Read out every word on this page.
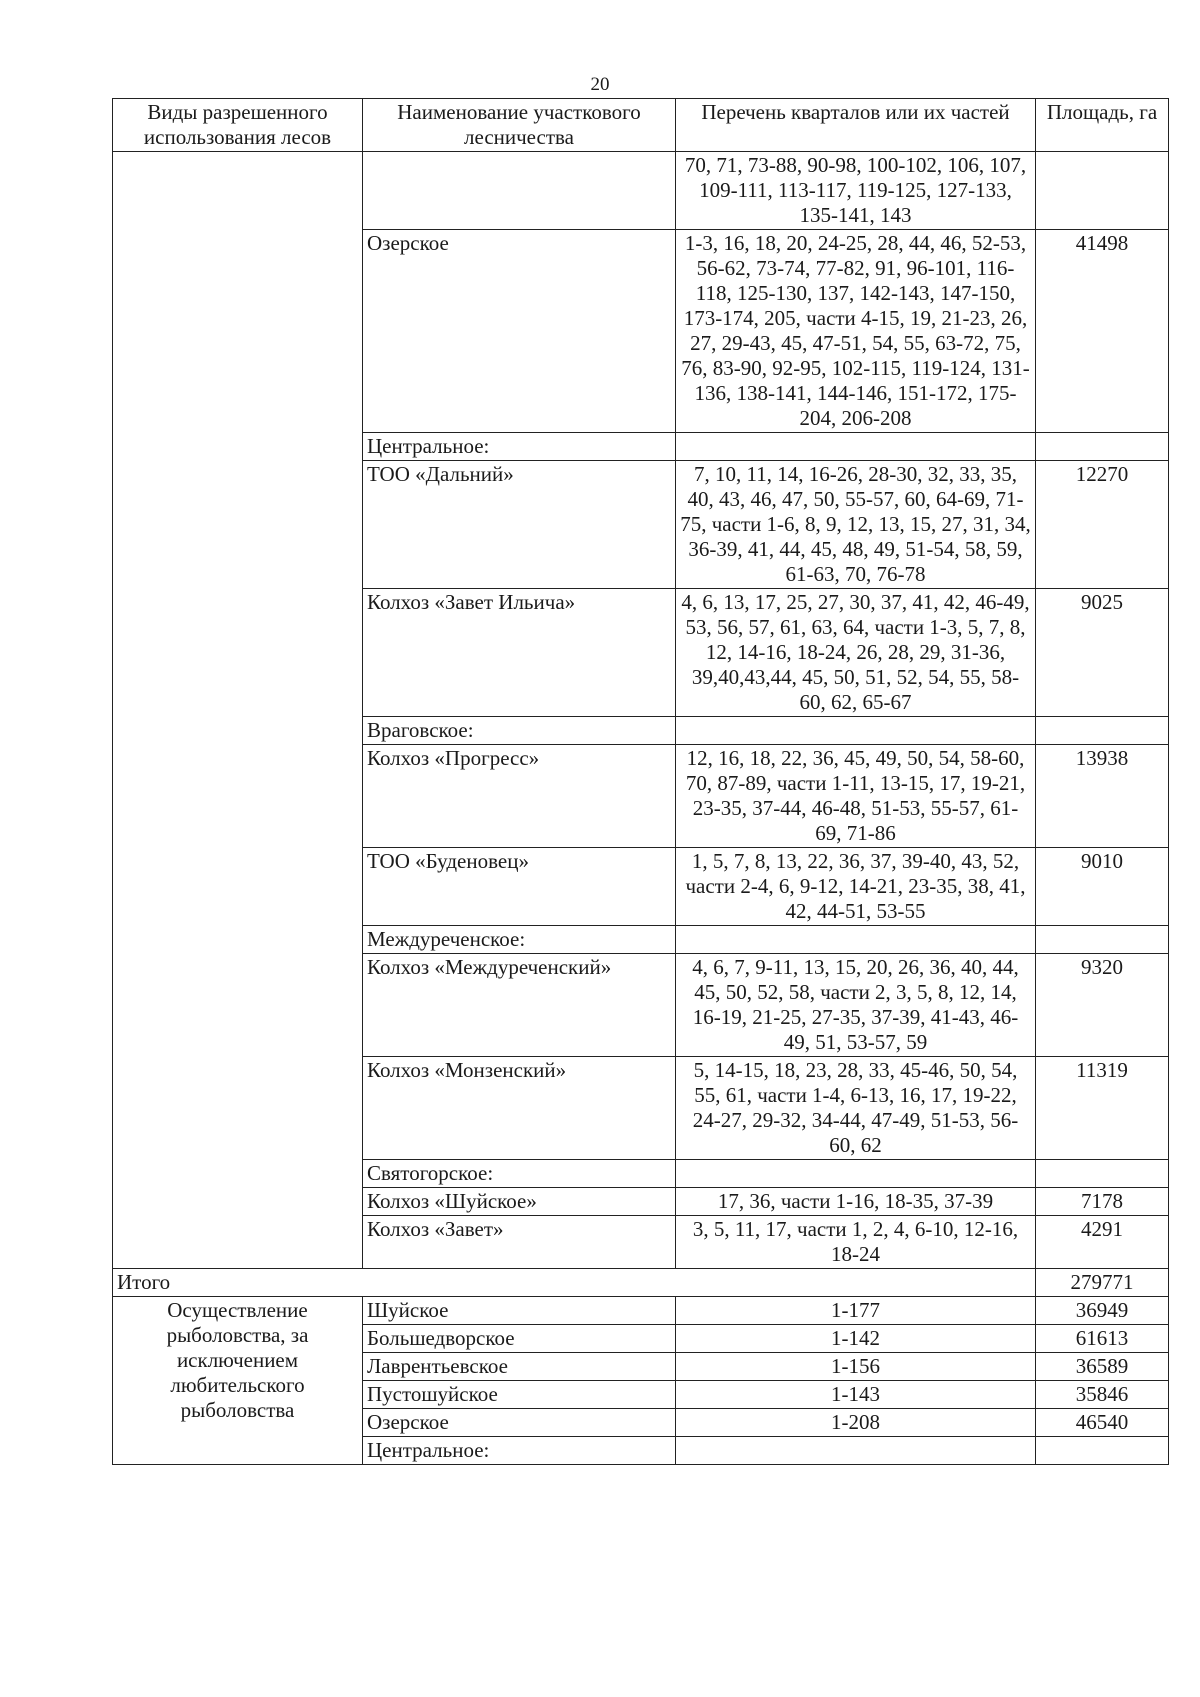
20
Виды разрешенного использования лесов	Наименование участкового лесничества	Перечень кварталов или их частей	Площадь, га
		70, 71, 73-88, 90-98, 100-102, 106, 107, 109-111, 113-117, 119-125, 127-133, 135-141, 143	
	Озерское	1-3, 16, 18, 20, 24-25, 28, 44, 46, 52-53, 56-62, 73-74, 77-82, 91, 96-101, 116-118, 125-130, 137, 142-143, 147-150, 173-174, 205, части 4-15, 19, 21-23, 26, 27, 29-43, 45, 47-51, 54, 55, 63-72, 75, 76, 83-90, 92-95, 102-115, 119-124, 131-136, 138-141, 144-146, 151-172, 175-204, 206-208	41498
	Центральное:		
	ТОО «Дальний»	7, 10, 11, 14, 16-26, 28-30, 32, 33, 35, 40, 43, 46, 47, 50, 55-57, 60, 64-69, 71-75, части 1-6, 8, 9, 12, 13, 15, 27, 31, 34, 36-39, 41, 44, 45, 48, 49, 51-54, 58, 59, 61-63, 70, 76-78	12270
	Колхоз «Завет Ильича»	4, 6, 13, 17, 25, 27, 30, 37, 41, 42, 46-49, 53, 56, 57, 61, 63, 64, части 1-3, 5, 7, 8, 12, 14-16, 18-24, 26, 28, 29, 31-36, 39,40,43,44, 45, 50, 51, 52, 54, 55, 58-60, 62, 65-67	9025
	Враговское:		
	Колхоз «Прогресс»	12, 16, 18, 22, 36, 45, 49, 50, 54, 58-60, 70, 87-89, части 1-11, 13-15, 17, 19-21, 23-35, 37-44, 46-48, 51-53, 55-57, 61-69, 71-86	13938
	ТОО «Буденовец»	1, 5, 7, 8, 13, 22, 36, 37, 39-40, 43, 52, части 2-4, 6, 9-12, 14-21, 23-35, 38, 41, 42, 44-51, 53-55	9010
	Междуреченское:		
	Колхоз «Междуреченский»	4, 6, 7, 9-11, 13, 15, 20, 26, 36, 40, 44, 45, 50, 52, 58, части 2, 3, 5, 8, 12, 14, 16-19, 21-25, 27-35, 37-39, 41-43, 46-49, 51, 53-57, 59	9320
	Колхоз «Монзенский»	5, 14-15, 18, 23, 28, 33, 45-46, 50, 54, 55, 61, части 1-4, 6-13, 16, 17, 19-22, 24-27, 29-32, 34-44, 47-49, 51-53, 56-60, 62	11319
	Святогорское:		
	Колхоз «Шуйское»	17, 36, части 1-16, 18-35, 37-39	7178
	Колхоз «Завет»	3, 5, 11, 17, части 1, 2, 4, 6-10, 12-16, 18-24	4291
Итого			279771
Осуществление рыболовства, за исключением любительского рыболовства	Шуйское	1-177	36949
	Большедворское	1-142	61613
	Лаврентьевское	1-156	36589
	Пустошуйское	1-143	35846
	Озерское	1-208	46540
	Центральное:		
